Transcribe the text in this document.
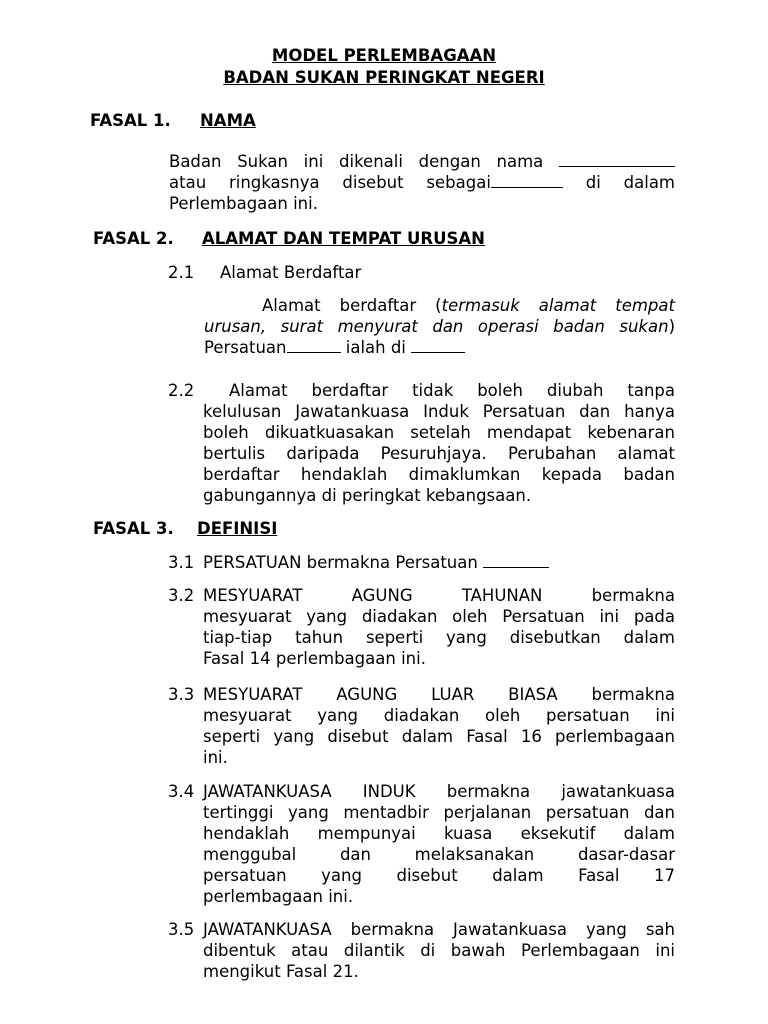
MODEL PERLEMBAGAAN
BADAN SUKAN PERINGKAT NEGERI
FASAL 1. NAMA
Badan Sukan ini dikenali dengan nama
atau ringkasnya disebut sebagai	di dalam
Perlembagaan ini.
FASAL 2. ALAMAT DAN TEMPAT URUSAN
2.1 Alamat Berdaftar
Alamat berdaftar (termasuk alamat tempat
urusan, surat menyurat dan operasi badan sukan)
Persatuan	ialah di
2.2	Alamat berdaftar tidak boleh diubah tanpa
kelulusan Jawatankuasa Induk Persatuan dan hanya
boleh dikuatkuasakan setelah mendapat kebenaran
bertulis daripada Pesuruhjaya. Perubahan alamat
berdaftar hendaklah dimaklumkan kepada badan
gabungannya di peringkat kebangsaan.
FASAL 3. DEFINISI
3.1 PERSATUAN bermakna Persatuan
3.2 MESYUARAT AGUNG TAHUNAN bermakna
mesyuarat yang diadakan oleh Persatuan ini pada
tiap-tiap tahun seperti yang disebutkan dalam
Fasal 14 perlembagaan ini.
3.3 MESYUARAT AGUNG LUAR BIASA bermakna
mesyuarat yang diadakan oleh persatuan ini
seperti yang disebut dalam Fasal 16 perlembagaan
ini.
3.4 JAWATANKUASA INDUK bermakna jawatankuasa
tertinggi yang mentadbir perjalanan persatuan dan
hendaklah mempunyai kuasa eksekutif dalam
menggubal dan melaksanakan dasar-dasar
persatuan yang disebut dalam Fasal 17
perlembagaan ini.
3.5 JAWATANKUASA bermakna Jawatankuasa yang sah
dibentuk atau dilantik di bawah Perlembagaan ini
mengikut Fasal 21.
